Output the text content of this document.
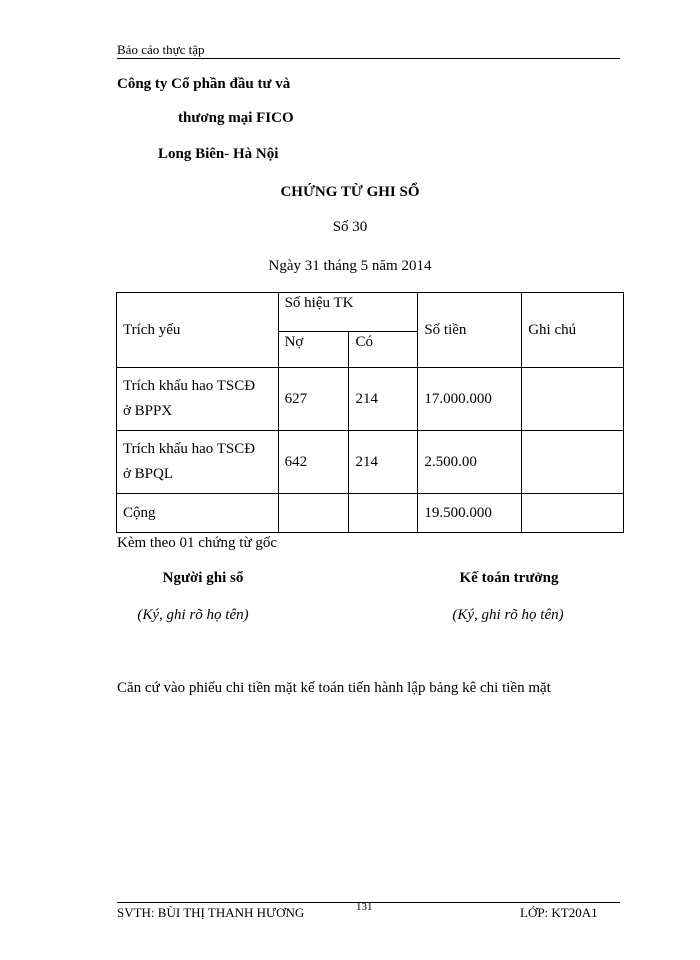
Báo cáo thực tập
Công ty Cổ phần đầu tư và
thương mại FICO
Long Biên- Hà Nội
CHỨNG TỪ GHI SỔ
Số 30
Ngày 31 tháng 5 năm 2014
Trích yếu	Số hiệu TK		Số tiền	Ghi chú
	Nợ	Có		
Trích khấu hao TSCĐ
ở BPPX	627	214	17.000.000	
Trích khấu hao TSCĐ
ở BPQL	642	214	2.500.00	
Cộng			19.500.000	
Kèm theo 01 chứng từ gốc
Người ghi sổ
(Ký, ghi rõ họ tên)
Kế toán trưởng
(Ký, ghi rõ họ tên)
Căn cứ vào phiếu chi tiền mặt kế toán tiến hành lập bảng kê chi tiền mặt
SVTH: BÙI THỊ THANH HƯƠNG	131	LỚP: KT20A1
